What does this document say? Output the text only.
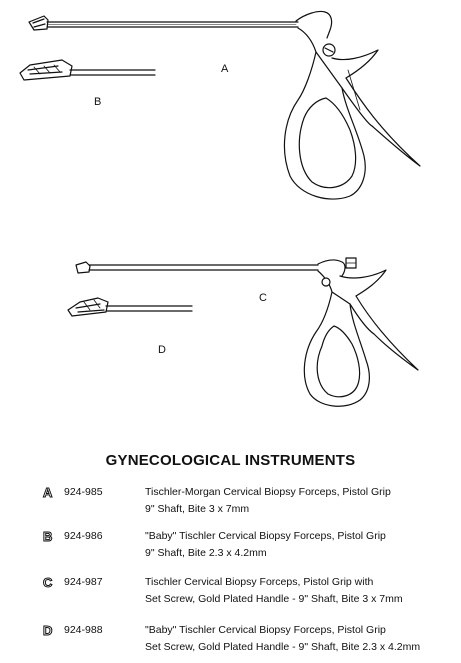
A
B
C
D
GYNECOLOGICAL INSTRUMENTS
A 924-985	Tischler-Morgan Cervical Biopsy Forceps, Pistol Grip
9" Shaft, Bite 3 x 7mm
B 924-986	"Baby" Tischler Cervical Biopsy Forceps, Pistol Grip
9" Shaft, Bite 2.3 x 4.2mm
C 924-987	Tischler Cervical Biopsy Forceps, Pistol Grip with
Set Screw, Gold Plated Handle - 9" Shaft, Bite 3 x 7mm
D 924-988	"Baby" Tischler Cervical Biopsy Forceps, Pistol Grip
Set Screw, Gold Plated Handle - 9" Shaft, Bite 2.3 x 4.2mm
